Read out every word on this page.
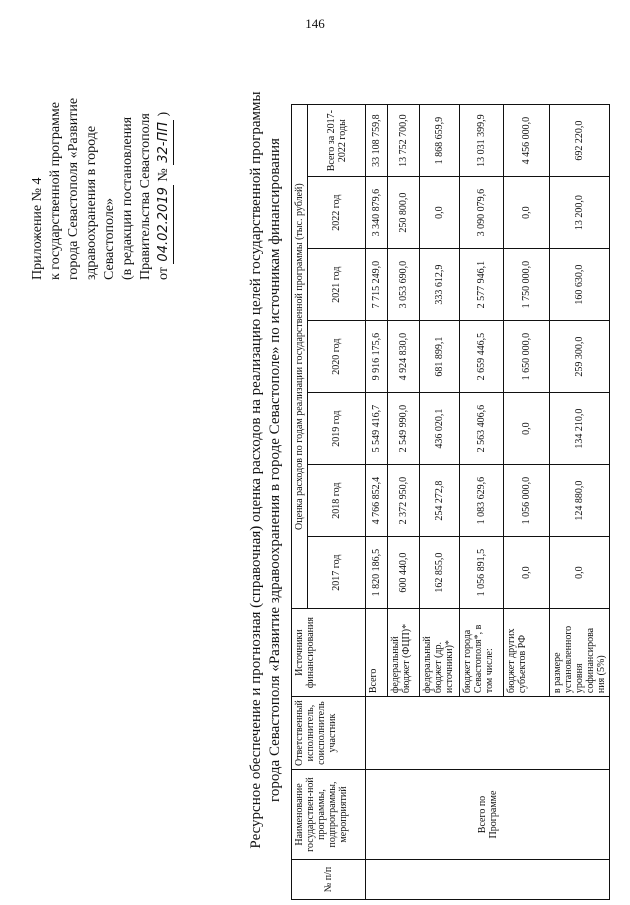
146
Приложение № 4 к государственной программе города Севастополя «Развитие здравоохранения в городе Севастополе» (в редакции постановления Правительства Севастополя от 04.02.2019 № 32-ПП )	Ресурсное обеспечение и прогнозная (справочная) оценка расходов на реализацию целей государственной программы города Севастополя «Развитие здравоохранения в городе Севастополе» по источникам финансирования
№ п/п	Наименование государствен-ной программы, подпрограммы, мероприятий	Ответственный исполнитель, соисполнитель участник	Источники финансирования	Оценка расходов по годам реализации государственной программы (тыс. рублей)						
				2017 год	2018 год	2019 год	2020 год	2021 год	2022 год	Всего за 2017-2022 годы
	Всего по Программе		Всего	1 820 186,5	4 766 852,4	5 549 416,7	9 916 175,6	7 715 249,0	3 340 879,6	33 108 759,8
			федеральный бюджет (ФЦП)*	600 440,0	2 372 950,0	2 549 990,0	4 924 830,0	3 053 690,0	250 800,0	13 752 700,0
			федеральный бюджет (др. источники)*	162 855,0	254 272,8	436 020,1	681 899,1	333 612,9	0,0	1 868 659,9
			бюджет города Севастополя*, в том числе:	1 056 891,5	1 083 629,6	2 563 406,6	2 659 446,5	2 577 946,1	3 090 079,6	13 031 399,9
			бюджет других субъектов РФ	0,0	1 056 000,0	0,0	1 650 000,0	1 750 000,0	0,0	4 456 000,0
			в размере установленного уровня софинансирова ния (5%)	0,0	124 880,0	134 210,0	259 300,0	160 630,0	13 200,0	692 220,0
